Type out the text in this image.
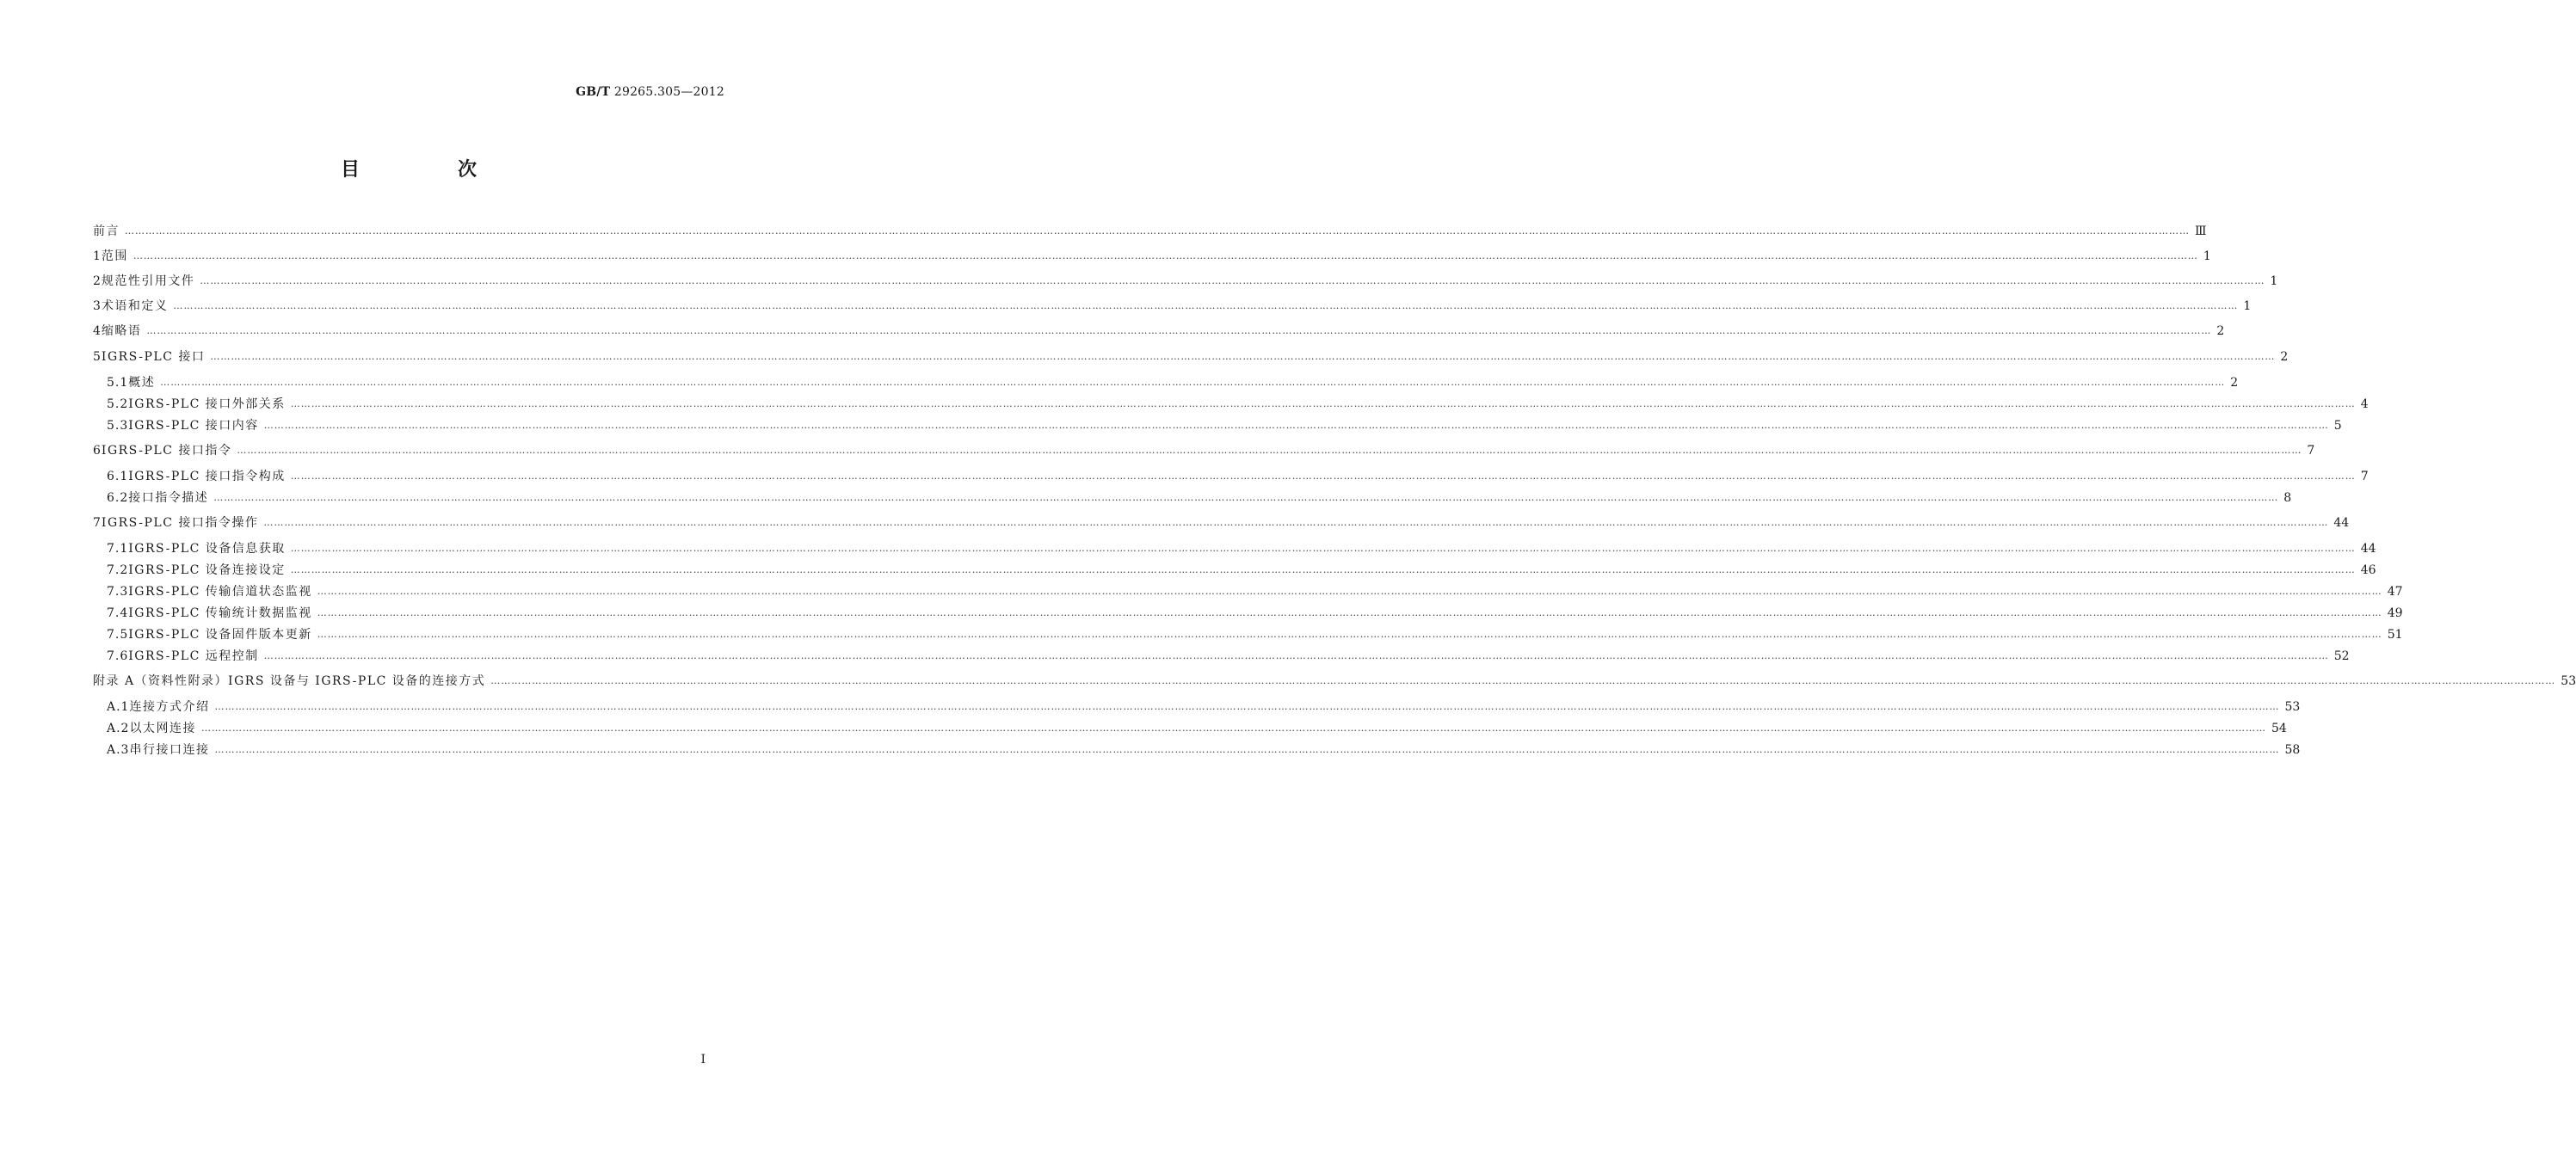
GB/T 29265.305—2012
目　次
前言 …………………………………………………………………………………………………………………………………………………………………………………………………………………………………………………………………………………………………………………………………………………………………………………………………………………………………………………………………………………………………………………………………………………… Ⅲ
1 范围 …………………………………………………………………………………………………………………………………………………………………………………………………………………………………………………………………………………………………………………………………………………………………………………………………………………………………………………………………………………………………………………………………………………… 1
2 规范性引用文件 …………………………………………………………………………………………………………………………………………………………………………………………………………………………………………………………………………………………………………………………………………………………………………………………………………………………………………………………………………………………………………………………………………………… 1
3 术语和定义 …………………………………………………………………………………………………………………………………………………………………………………………………………………………………………………………………………………………………………………………………………………………………………………………………………………………………………………………………………………………………………………………………………………… 1
4 缩略语 …………………………………………………………………………………………………………………………………………………………………………………………………………………………………………………………………………………………………………………………………………………………………………………………………………………………………………………………………………………………………………………………………………………… 2
5 IGRS-PLC 接口 …………………………………………………………………………………………………………………………………………………………………………………………………………………………………………………………………………………………………………………………………………………………………………………………………………………………………………………………………………………………………………………………………………………… 2
5.1 概述 …………………………………………………………………………………………………………………………………………………………………………………………………………………………………………………………………………………………………………………………………………………………………………………………………………………………………………………………………………………………………………………………………………………… 2
5.2 IGRS-PLC 接口外部关系 …………………………………………………………………………………………………………………………………………………………………………………………………………………………………………………………………………………………………………………………………………………………………………………………………………………………………………………………………………………………………………………………………………………… 4
5.3 IGRS-PLC 接口内容 …………………………………………………………………………………………………………………………………………………………………………………………………………………………………………………………………………………………………………………………………………………………………………………………………………………………………………………………………………………………………………………………………………………… 5
6 IGRS-PLC 接口指令 …………………………………………………………………………………………………………………………………………………………………………………………………………………………………………………………………………………………………………………………………………………………………………………………………………………………………………………………………………………………………………………………………………………… 7
6.1 IGRS-PLC 接口指令构成 …………………………………………………………………………………………………………………………………………………………………………………………………………………………………………………………………………………………………………………………………………………………………………………………………………………………………………………………………………………………………………………………………………………… 7
6.2 接口指令描述 …………………………………………………………………………………………………………………………………………………………………………………………………………………………………………………………………………………………………………………………………………………………………………………………………………………………………………………………………………………………………………………………………………………… 8
7 IGRS-PLC 接口指令操作 …………………………………………………………………………………………………………………………………………………………………………………………………………………………………………………………………………………………………………………………………………………………………………………………………………………………………………………………………………………………………………………………………………………… 44
7.1 IGRS-PLC 设备信息获取 …………………………………………………………………………………………………………………………………………………………………………………………………………………………………………………………………………………………………………………………………………………………………………………………………………………………………………………………………………………………………………………………………………………… 44
7.2 IGRS-PLC 设备连接设定 …………………………………………………………………………………………………………………………………………………………………………………………………………………………………………………………………………………………………………………………………………………………………………………………………………………………………………………………………………………………………………………………………………………… 46
7.3 IGRS-PLC 传输信道状态监视 …………………………………………………………………………………………………………………………………………………………………………………………………………………………………………………………………………………………………………………………………………………………………………………………………………………………………………………………………………………………………………………………………………………… 47
7.4 IGRS-PLC 传输统计数据监视 …………………………………………………………………………………………………………………………………………………………………………………………………………………………………………………………………………………………………………………………………………………………………………………………………………………………………………………………………………………………………………………………………………………… 49
7.5 IGRS-PLC 设备固件版本更新 …………………………………………………………………………………………………………………………………………………………………………………………………………………………………………………………………………………………………………………………………………………………………………………………………………………………………………………………………………………………………………………………………………………… 51
7.6 IGRS-PLC 远程控制 …………………………………………………………………………………………………………………………………………………………………………………………………………………………………………………………………………………………………………………………………………………………………………………………………………………………………………………………………………………………………………………………………………………… 52
附录 A（资料性附录）IGRS 设备与 IGRS-PLC 设备的连接方式 …………………………………………………………………………………………………………………………………………………………………………………………………………………………………………………………………………………………………………………………………………………………………………………………………………………………………………………………………………………………………………………………………………………… 53
A.1 连接方式介绍 …………………………………………………………………………………………………………………………………………………………………………………………………………………………………………………………………………………………………………………………………………………………………………………………………………………………………………………………………………………………………………………………………………………… 53
A.2 以太网连接 …………………………………………………………………………………………………………………………………………………………………………………………………………………………………………………………………………………………………………………………………………………………………………………………………………………………………………………………………………………………………………………………………………………… 54
A.3 串行接口连接 …………………………………………………………………………………………………………………………………………………………………………………………………………………………………………………………………………………………………………………………………………………………………………………………………………………………………………………………………………………………………………………………………………………… 58
Ⅰ
